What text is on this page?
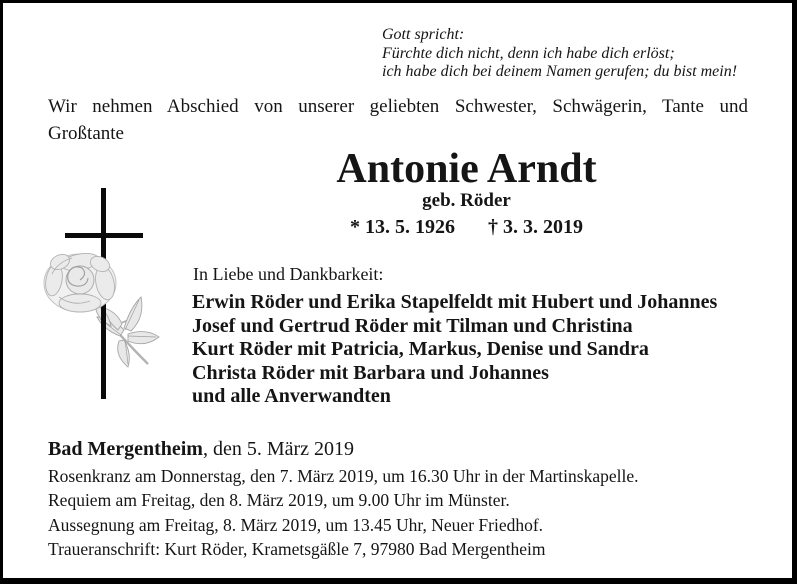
Gott spricht:
Fürchte dich nicht, denn ich habe dich erlöst;
ich habe dich bei deinem Namen gerufen; du bist mein!
Wir nehmen Abschied von unserer geliebten Schwester, Schwägerin, Tante und
Großtante
Antonie Arndt
geb. Röder
* 13. 5. 1926 † 3. 3. 2019
In Liebe und Dankbarkeit:
Erwin Röder und Erika Stapelfeldt mit Hubert und Johannes
Josef und Gertrud Röder mit Tilman und Christina
Kurt Röder mit Patricia, Markus, Denise und Sandra
Christa Röder mit Barbara und Johannes
und alle Anverwandten
Bad Mergentheim, den 5. März 2019
Rosenkranz am Donnerstag, den 7. März 2019, um 16.30 Uhr in der Martinskapelle.
Requiem am Freitag, den 8. März 2019, um 9.00 Uhr im Münster.
Aussegnung am Freitag, 8. März 2019, um 13.45 Uhr, Neuer Friedhof.
Traueranschrift: Kurt Röder, Krametsgäßle 7, 97980 Bad Mergentheim
